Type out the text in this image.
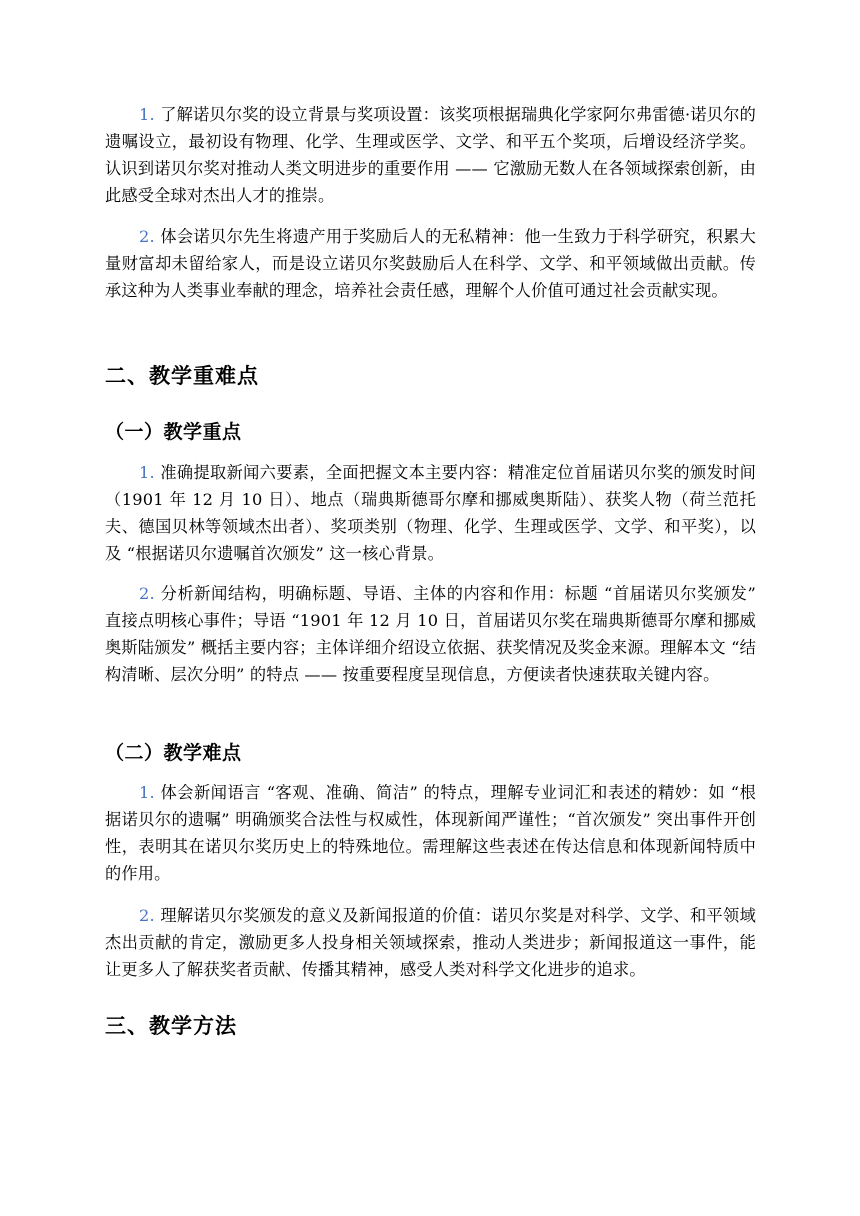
1. 了解诺贝尔奖的设立背景与奖项设置：该奖项根据瑞典化学家阿尔弗雷德·诺贝尔的遗嘱设立，最初设有物理、化学、生理或医学、文学、和平五个奖项，后增设经济学奖。认识到诺贝尔奖对推动人类文明进步的重要作用 —— 它激励无数人在各领域探索创新，由此感受全球对杰出人才的推崇。

2. 体会诺贝尔先生将遗产用于奖励后人的无私精神：他一生致力于科学研究，积累大量财富却未留给家人，而是设立诺贝尔奖鼓励后人在科学、文学、和平领域做出贡献。传承这种为人类事业奉献的理念，培养社会责任感，理解个人价值可通过社会贡献实现。

二、教学重难点
（一）教学重点

1. 准确提取新闻六要素，全面把握文本主要内容：精准定位首届诺贝尔奖的颁发时间（1901 年 12 月 10 日）、地点（瑞典斯德哥尔摩和挪威奥斯陆）、获奖人物（荷兰范托夫、德国贝林等领域杰出者）、奖项类别（物理、化学、生理或医学、文学、和平奖），以及 “根据诺贝尔遗嘱首次颁发” 这一核心背景。

2. 分析新闻结构，明确标题、导语、主体的内容和作用：标题 “首届诺贝尔奖颁发” 直接点明核心事件；导语 “1901 年 12 月 10 日，首届诺贝尔奖在瑞典斯德哥尔摩和挪威奥斯陆颁发” 概括主要内容；主体详细介绍设立依据、获奖情况及奖金来源。理解本文 “结构清晰、层次分明” 的特点 —— 按重要程度呈现信息，方便读者快速获取关键内容。

（二）教学难点

1. 体会新闻语言 “客观、准确、简洁” 的特点，理解专业词汇和表述的精妙：如 “根据诺贝尔的遗嘱” 明确颁奖合法性与权威性，体现新闻严谨性；“首次颁发” 突出事件开创性，表明其在诺贝尔奖历史上的特殊地位。需理解这些表述在传达信息和体现新闻特质中的作用。

2. 理解诺贝尔奖颁发的意义及新闻报道的价值：诺贝尔奖是对科学、文学、和平领域杰出贡献的肯定，激励更多人投身相关领域探索，推动人类进步；新闻报道这一事件，能让更多人了解获奖者贡献、传播其精神，感受人类对科学文化进步的追求。

三、教学方法
